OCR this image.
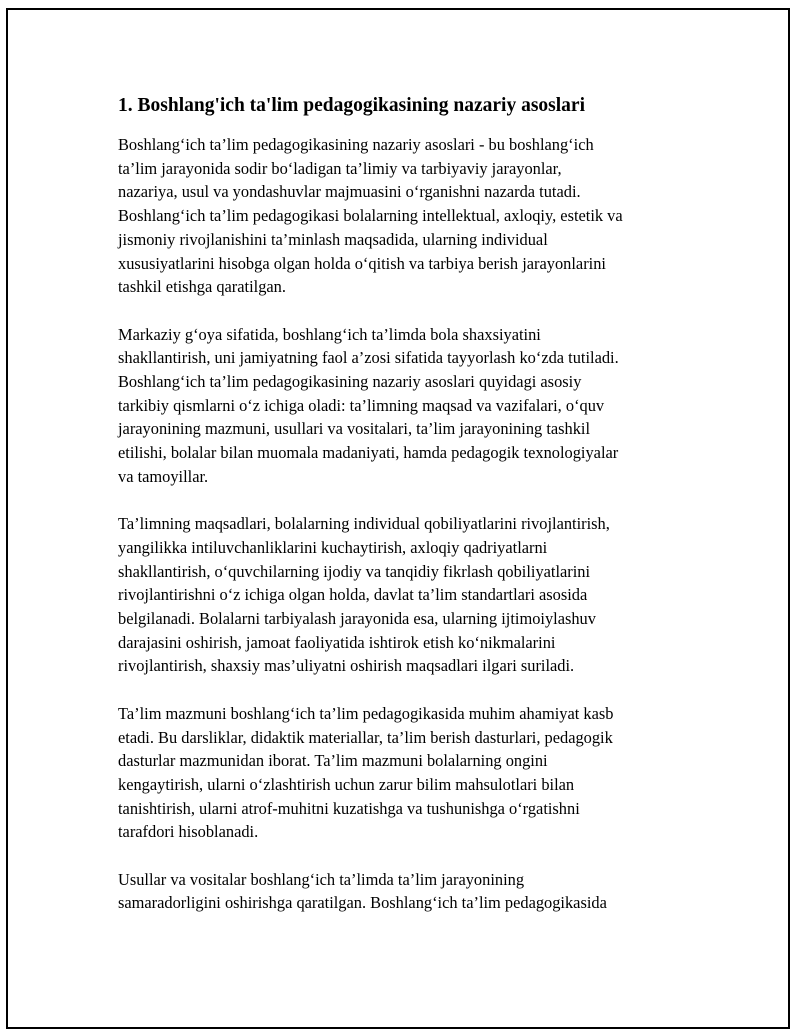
1. Boshlang'ich ta'lim pedagogikasining nazariy asoslari

Boshlang‘ich ta’lim pedagogikasining nazariy asoslari - bu boshlang‘ich
ta’lim jarayonida sodir bo‘ladigan ta’limiy va tarbiyaviy jarayonlar,
nazariya, usul va yondashuvlar majmuasini o‘rganishni nazarda tutadi.
Boshlang‘ich ta’lim pedagogikasi bolalarning intellektual, axloqiy, estetik va
jismoniy rivojlanishini ta’minlash maqsadida, ularning individual
xususiyatlarini hisobga olgan holda o‘qitish va tarbiya berish jarayonlarini
tashkil etishga qaratilgan.

Markaziy g‘oya sifatida, boshlang‘ich ta’limda bola shaxsiyatini
shakllantirish, uni jamiyatning faol a’zosi sifatida tayyorlash ko‘zda tutiladi.
Boshlang‘ich ta’lim pedagogikasining nazariy asoslari quyidagi asosiy
tarkibiy qismlarni o‘z ichiga oladi: ta’limning maqsad va vazifalari, o‘quv
jarayonining mazmuni, usullari va vositalari, ta’lim jarayonining tashkil
etilishi, bolalar bilan muomala madaniyati, hamda pedagogik texnologiyalar
va tamoyillar.

Ta’limning maqsadlari, bolalarning individual qobiliyatlarini rivojlantirish,
yangilikka intiluvchanliklarini kuchaytirish, axloqiy qadriyatlarni
shakllantirish, o‘quvchilarning ijodiy va tanqidiy fikrlash qobiliyatlarini
rivojlantirishni o‘z ichiga olgan holda, davlat ta’lim standartlari asosida
belgilanadi. Bolalarni tarbiyalash jarayonida esa, ularning ijtimoiylashuv
darajasini oshirish, jamoat faoliyatida ishtirok etish ko‘nikmalarini
rivojlantirish, shaxsiy mas’uliyatni oshirish maqsadlari ilgari suriladi.

Ta’lim mazmuni boshlang‘ich ta’lim pedagogikasida muhim ahamiyat kasb
etadi. Bu darsliklar, didaktik materiallar, ta’lim berish dasturlari, pedagogik
dasturlar mazmunidan iborat. Ta’lim mazmuni bolalarning ongini
kengaytirish, ularni o‘zlashtirish uchun zarur bilim mahsulotlari bilan
tanishtirish, ularni atrof-muhitni kuzatishga va tushunishga o‘rgatishni
tarafdori hisoblanadi.

Usullar va vositalar boshlang‘ich ta’limda ta’lim jarayonining
samaradorligini oshirishga qaratilgan. Boshlang‘ich ta’lim pedagogikasida
